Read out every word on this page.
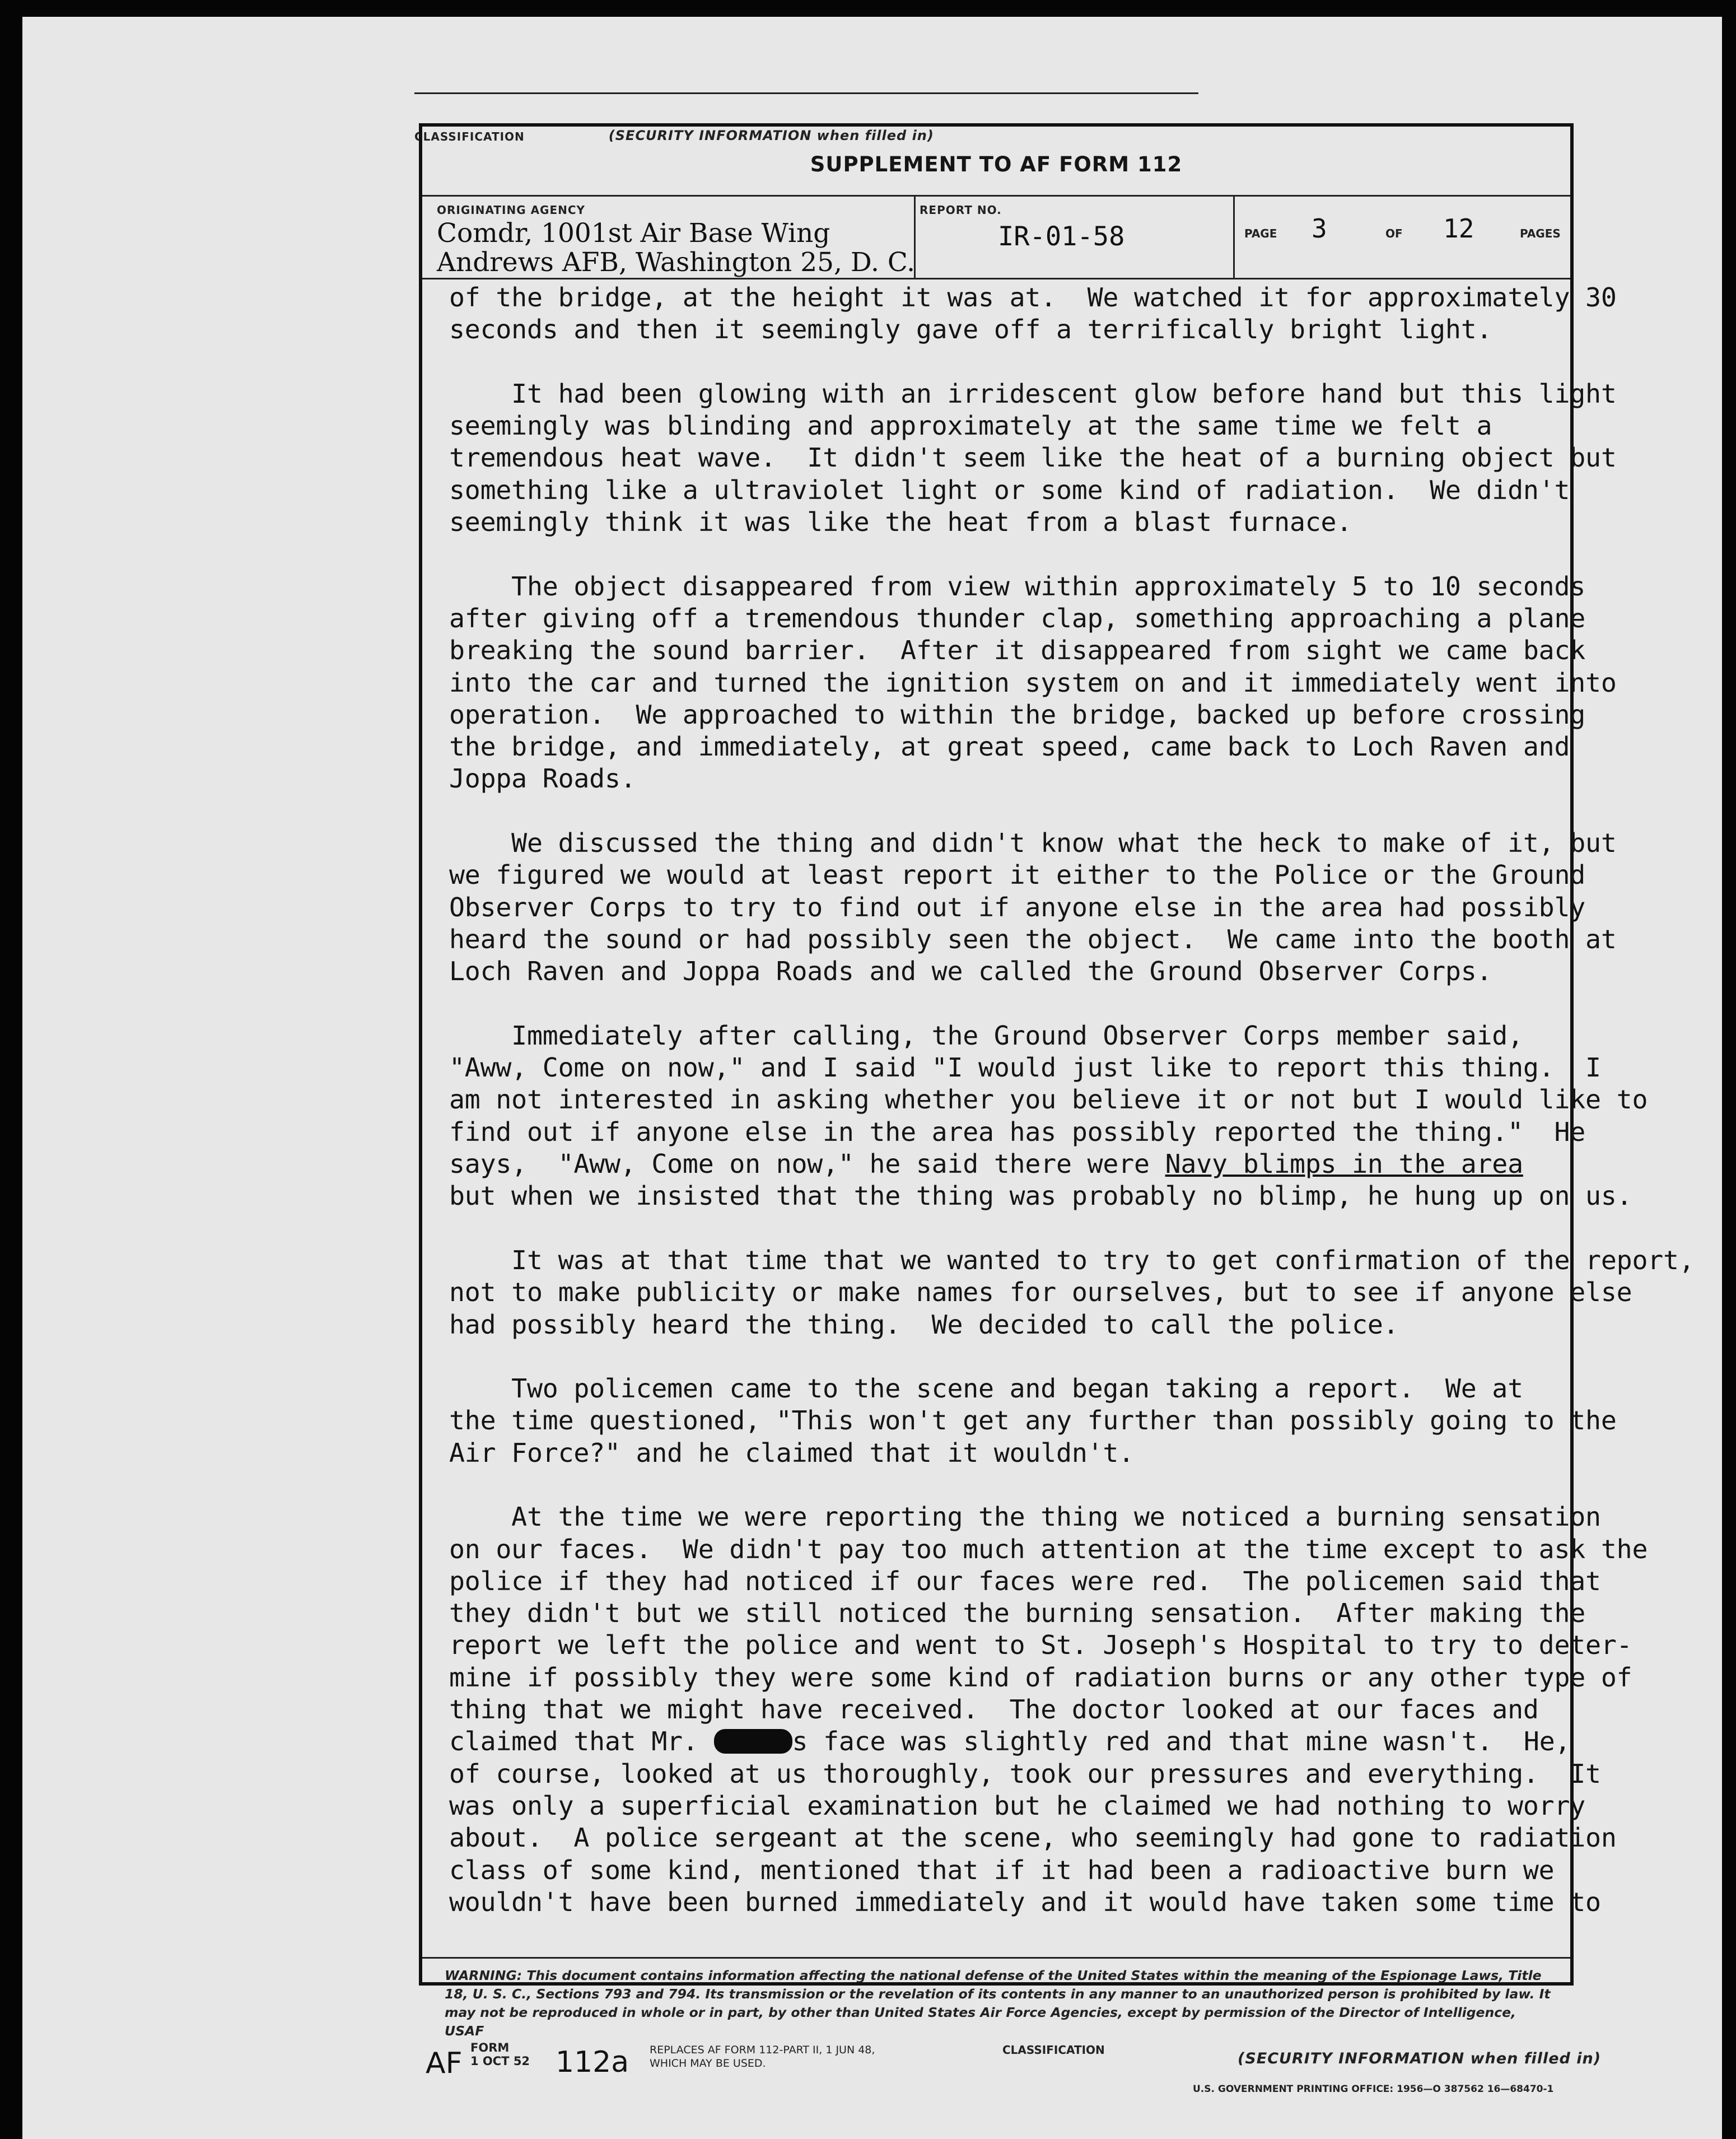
CLASSIFICATION	(SECURITY INFORMATION when filled in)
SUPPLEMENT TO AF FORM 112
ORIGINATING AGENCY
Comdr, 1001st Air Base Wing
Andrews AFB, Washington 25, D. C.
REPORT NO.
IR-01-58	PAGE 3	OF 12	PAGES
of the bridge, at the height it was at.  We watched it for approximately 30
seconds and then it seemingly gave off a terrifically bright light.
It had been glowing with an irridescent glow before hand but this light
seemingly was blinding and approximately at the same time we felt a
tremendous heat wave.  It didn't seem like the heat of a burning object but
something like a ultraviolet light or some kind of radiation.  We didn't
seemingly think it was like the heat from a blast furnace.
The object disappeared from view within approximately 5 to 10 seconds
after giving off a tremendous thunder clap, something approaching a plane
breaking the sound barrier.  After it disappeared from sight we came back
into the car and turned the ignition system on and it immediately went into
operation.  We approached to within the bridge, backed up before crossing
the bridge, and immediately, at great speed, came back to Loch Raven and
Joppa Roads.
We discussed the thing and didn't know what the heck to make of it, but
we figured we would at least report it either to the Police or the Ground
Observer Corps to try to find out if anyone else in the area had possibly
heard the sound or had possibly seen the object.  We came into the booth at
Loch Raven and Joppa Roads and we called the Ground Observer Corps.
Immediately after calling, the Ground Observer Corps member said,
"Aww, Come on now," and I said "I would just like to report this thing.  I
am not interested in asking whether you believe it or not but I would like to
find out if anyone else in the area has possibly reported the thing."  He
says,  "Aww, Come on now," he said there were Navy blimps in the area
but when we insisted that the thing was probably no blimp, he hung up on us.
It was at that time that we wanted to try to get confirmation of the report,
not to make publicity or make names for ourselves, but to see if anyone else
had possibly heard the thing.  We decided to call the police.
Two policemen came to the scene and began taking a report.  We at
the time questioned, "This won't get any further than possibly going to the
Air Force?" and he claimed that it wouldn't.
At the time we were reporting the thing we noticed a burning sensation
on our faces.  We didn't pay too much attention at the time except to ask the
police if they had noticed if our faces were red.  The policemen said that
they didn't but we still noticed the burning sensation.  After making the
report we left the police and went to St. Joseph's Hospital to try to deter-
mine if possibly they were some kind of radiation burns or any other type of
thing that we might have received.  The doctor looked at our faces and
claimed that Mr.	s face was slightly red and that mine wasn't.  He,
of course, looked at us thoroughly, took our pressures and everything.  It
was only a superficial examination but he claimed we had nothing to worry
about.  A police sergeant at the scene, who seemingly had gone to radiation
class of some kind, mentioned that if it had been a radioactive burn we
wouldn't have been burned immediately and it would have taken some time to
WARNING: This document contains information affecting the national defense of the United States within the meaning of the Espionage Laws, Title 18, U. S. C., Sections 793 and 794. Its transmission or the revelation of its contents in any manner to an unauthorized person is prohibited by law. It may not be reproduced in whole or in part, by other than United States Air Force Agencies, except by permission of the Director of Intelligence, USAF
AF FORM
1 OCT 52 112a REPLACES AF FORM 112-PART II, 1 JUN 48,
WHICH MAY BE USED.
CLASSIFICATION	(SECURITY INFORMATION when filled in)
U.S. GOVERNMENT PRINTING OFFICE: 1956—O 387562 16—68470-1
